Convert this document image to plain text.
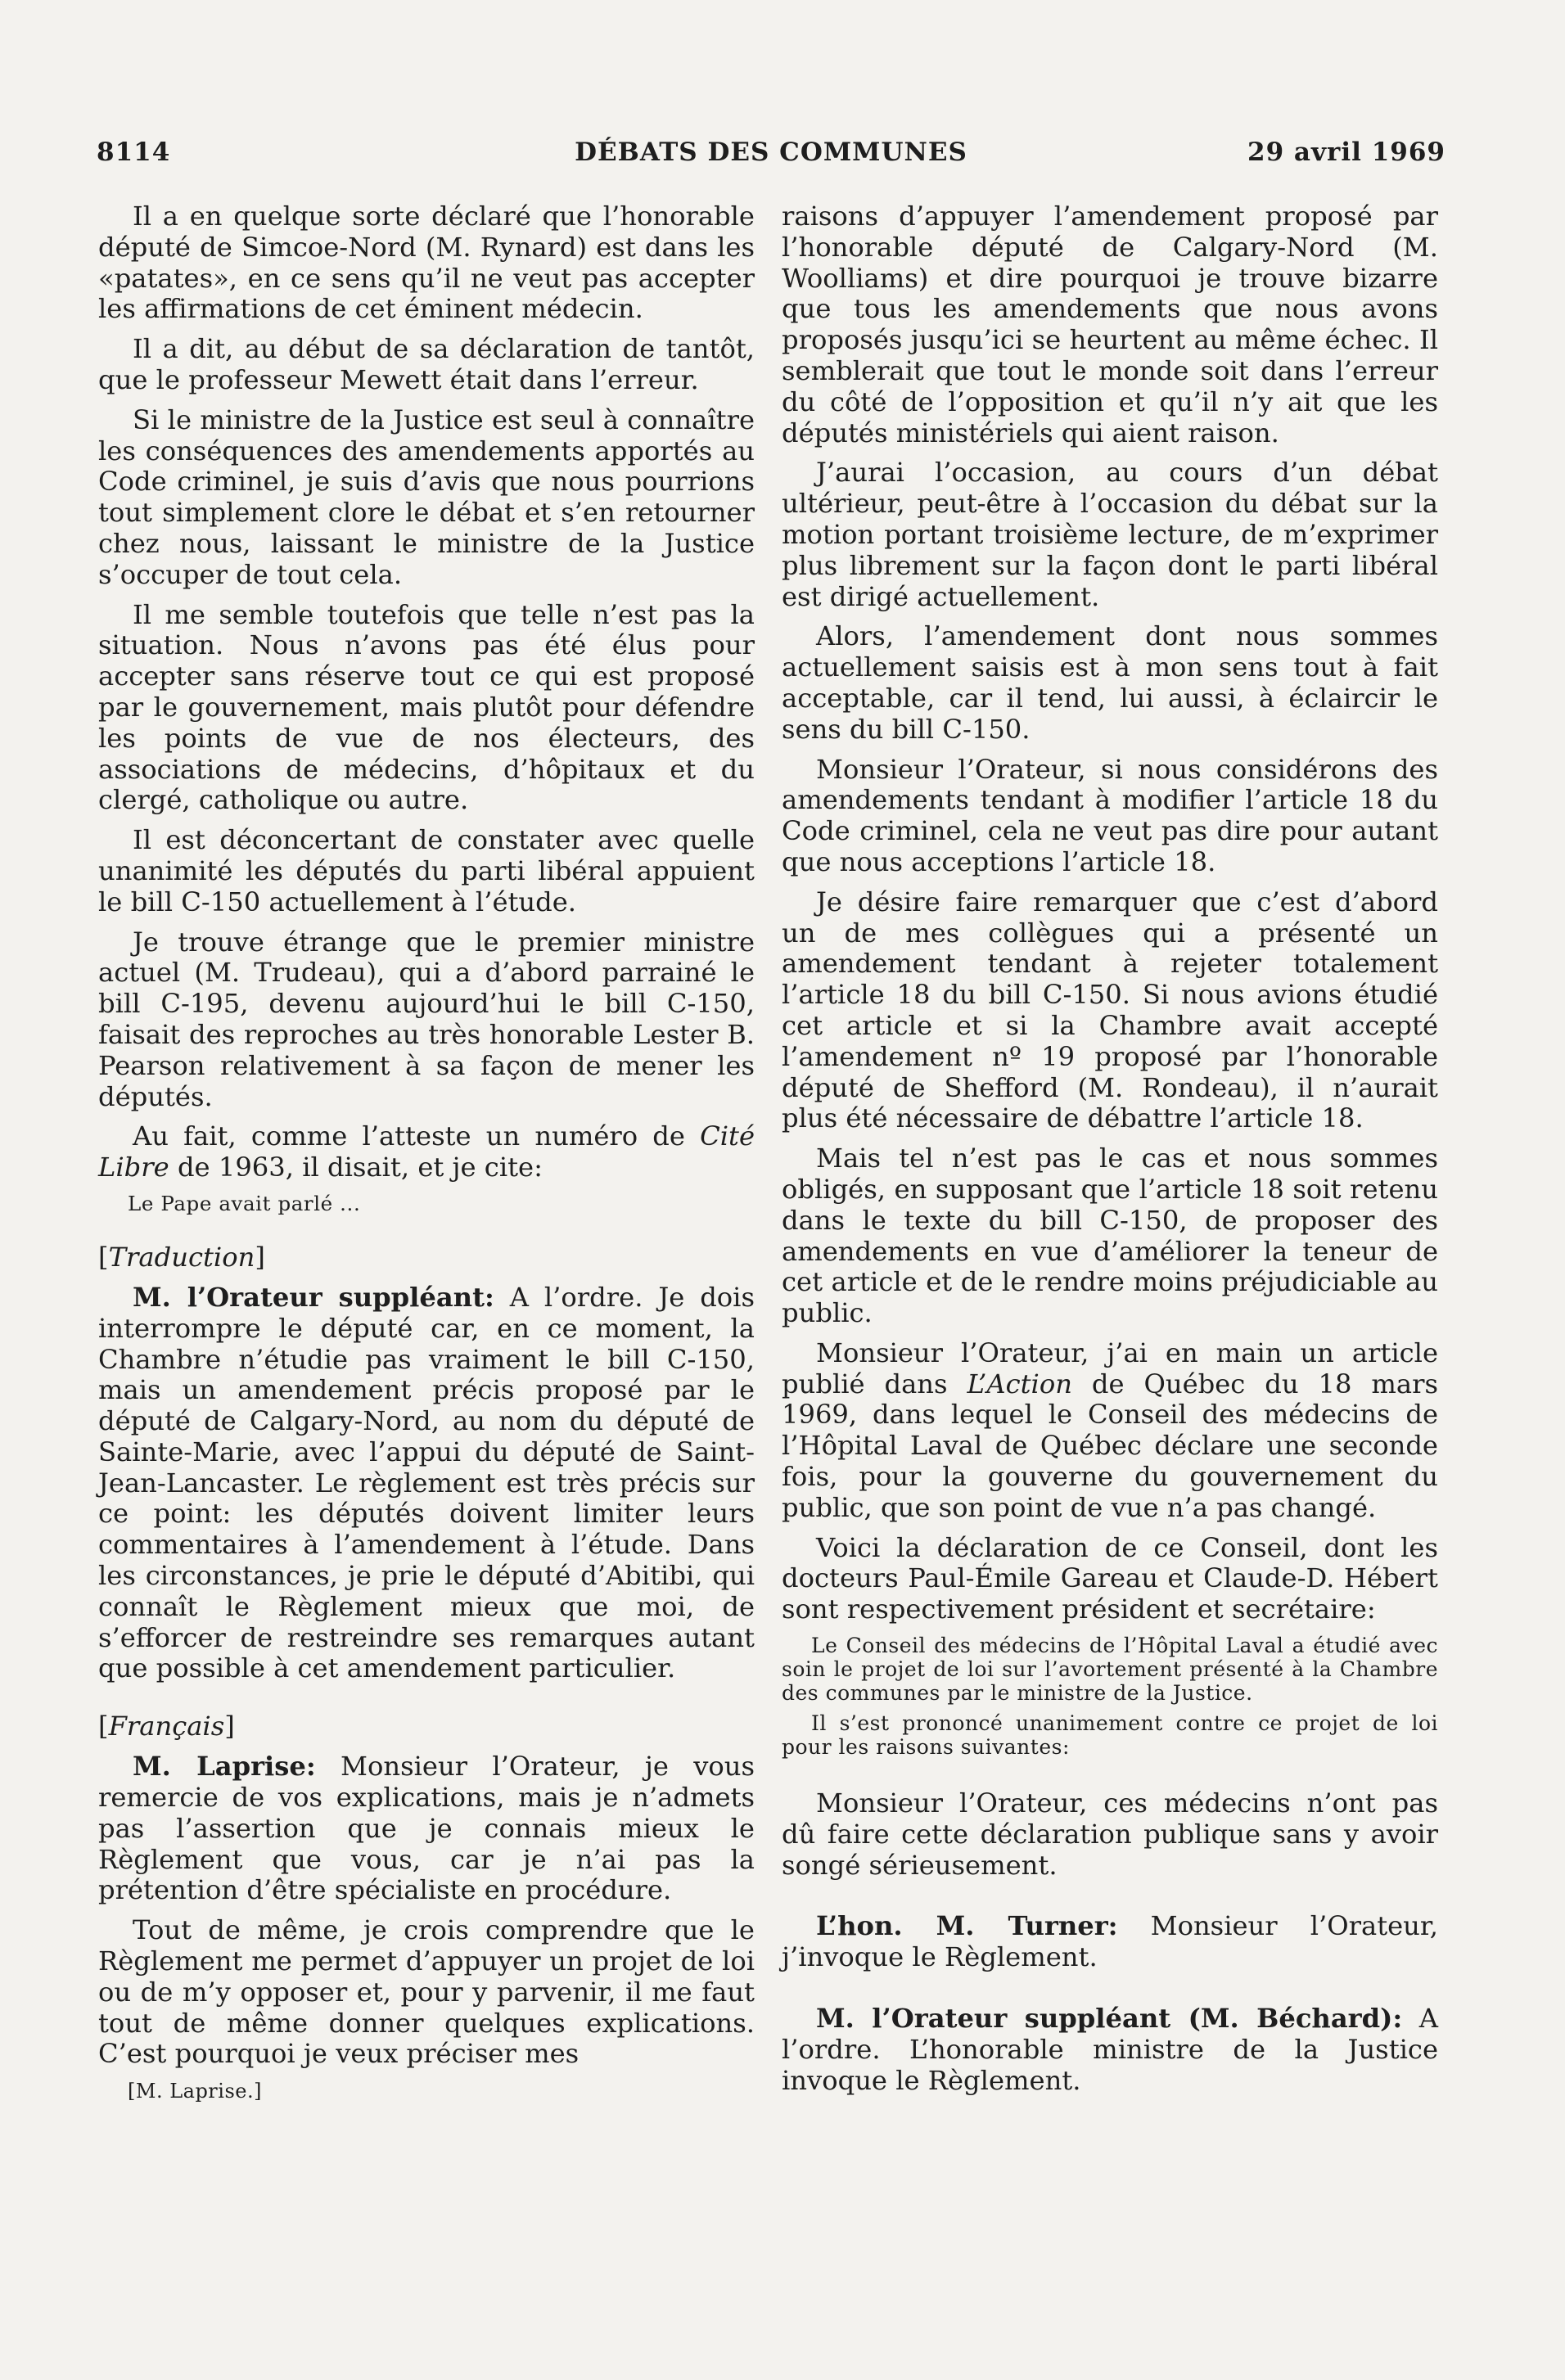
8114	DÉBATS DES COMMUNES	29 avril 1969

Il a en quelque sorte déclaré que l’honorable député de Simcoe-Nord (M. Rynard) est dans les «patates», en ce sens qu’il ne veut pas accepter les affirmations de cet éminent médecin.

Il a dit, au début de sa déclaration de tantôt, que le professeur Mewett était dans l’erreur.

Si le ministre de la Justice est seul à connaître les conséquences des amendements apportés au Code criminel, je suis d’avis que nous pourrions tout simplement clore le débat et s’en retourner chez nous, laissant le ministre de la Justice s’occuper de tout cela.

Il me semble toutefois que telle n’est pas la situation. Nous n’avons pas été élus pour accepter sans réserve tout ce qui est proposé par le gouvernement, mais plutôt pour défendre les points de vue de nos électeurs, des associations de médecins, d’hôpitaux et du clergé, catholique ou autre.

Il est déconcertant de constater avec quelle unanimité les députés du parti libéral appuient le bill C-150 actuellement à l’étude.

Je trouve étrange que le premier ministre actuel (M. Trudeau), qui a d’abord parrainé le bill C-195, devenu aujourd’hui le bill C-150, faisait des reproches au très honorable Lester B. Pearson relativement à sa façon de mener les députés.

Au fait, comme l’atteste un numéro de Cité Libre de 1963, il disait, et je cite:

Le Pape avait parlé ...
[Traduction]

M. l’Orateur suppléant: A l’ordre. Je dois interrompre le député car, en ce moment, la Chambre n’étudie pas vraiment le bill C-150, mais un amendement précis proposé par le député de Calgary-Nord, au nom du député de Sainte-Marie, avec l’appui du député de Saint-Jean-Lancaster. Le règlement est très précis sur ce point: les députés doivent limiter leurs commentaires à l’amendement à l’étude. Dans les circonstances, je prie le député d’Abitibi, qui connaît le Règlement mieux que moi, de s’efforcer de restreindre ses remarques autant que possible à cet amendement particulier.

[Français]

M. Laprise: Monsieur l’Orateur, je vous remercie de vos explications, mais je n’admets pas l’assertion que je connais mieux le Règlement que vous, car je n’ai pas la prétention d’être spécialiste en procédure.

Tout de même, je crois comprendre que le Règlement me permet d’appuyer un projet de loi ou de m’y opposer et, pour y parvenir, il me faut tout de même donner quelques explications. C’est pourquoi je veux préciser mes

[M. Laprise.]

raisons d’appuyer l’amendement proposé par l’honorable député de Calgary-Nord (M. Woolliams) et dire pourquoi je trouve bizarre que tous les amendements que nous avons proposés jusqu’ici se heurtent au même échec. Il semblerait que tout le monde soit dans l’erreur du côté de l’opposition et qu’il n’y ait que les députés ministériels qui aient raison.

J’aurai l’occasion, au cours d’un débat ultérieur, peut-être à l’occasion du débat sur la motion portant troisième lecture, de m’exprimer plus librement sur la façon dont le parti libéral est dirigé actuellement.

Alors, l’amendement dont nous sommes actuellement saisis est à mon sens tout à fait acceptable, car il tend, lui aussi, à éclaircir le sens du bill C-150.

Monsieur l’Orateur, si nous considérons des amendements tendant à modifier l’article 18 du Code criminel, cela ne veut pas dire pour autant que nous acceptions l’article 18.

Je désire faire remarquer que c’est d’abord un de mes collègues qui a présenté un amendement tendant à rejeter totalement l’article 18 du bill C-150. Si nous avions étudié cet article et si la Chambre avait accepté l’amendement nº 19 proposé par l’honorable député de Shefford (M. Rondeau), il n’aurait plus été nécessaire de débattre l’article 18.

Mais tel n’est pas le cas et nous sommes obligés, en supposant que l’article 18 soit retenu dans le texte du bill C-150, de proposer des amendements en vue d’améliorer la teneur de cet article et de le rendre moins préjudiciable au public.

Monsieur l’Orateur, j’ai en main un article publié dans L’Action de Québec du 18 mars 1969, dans lequel le Conseil des médecins de l’Hôpital Laval de Québec déclare une seconde fois, pour la gouverne du gouvernement du public, que son point de vue n’a pas changé.

Voici la déclaration de ce Conseil, dont les docteurs Paul-Émile Gareau et Claude-D. Hébert sont respectivement président et secrétaire:

Le Conseil des médecins de l’Hôpital Laval a étudié avec soin le projet de loi sur l’avortement présenté à la Chambre des communes par le ministre de la Justice.
Il s’est prononcé unanimement contre ce projet de loi pour les raisons suivantes:

Monsieur l’Orateur, ces médecins n’ont pas dû faire cette déclaration publique sans y avoir songé sérieusement.

L’hon. M. Turner: Monsieur l’Orateur, j’invoque le Règlement.

M. l’Orateur suppléant (M. Béchard): A l’ordre. L’honorable ministre de la Justice invoque le Règlement.
